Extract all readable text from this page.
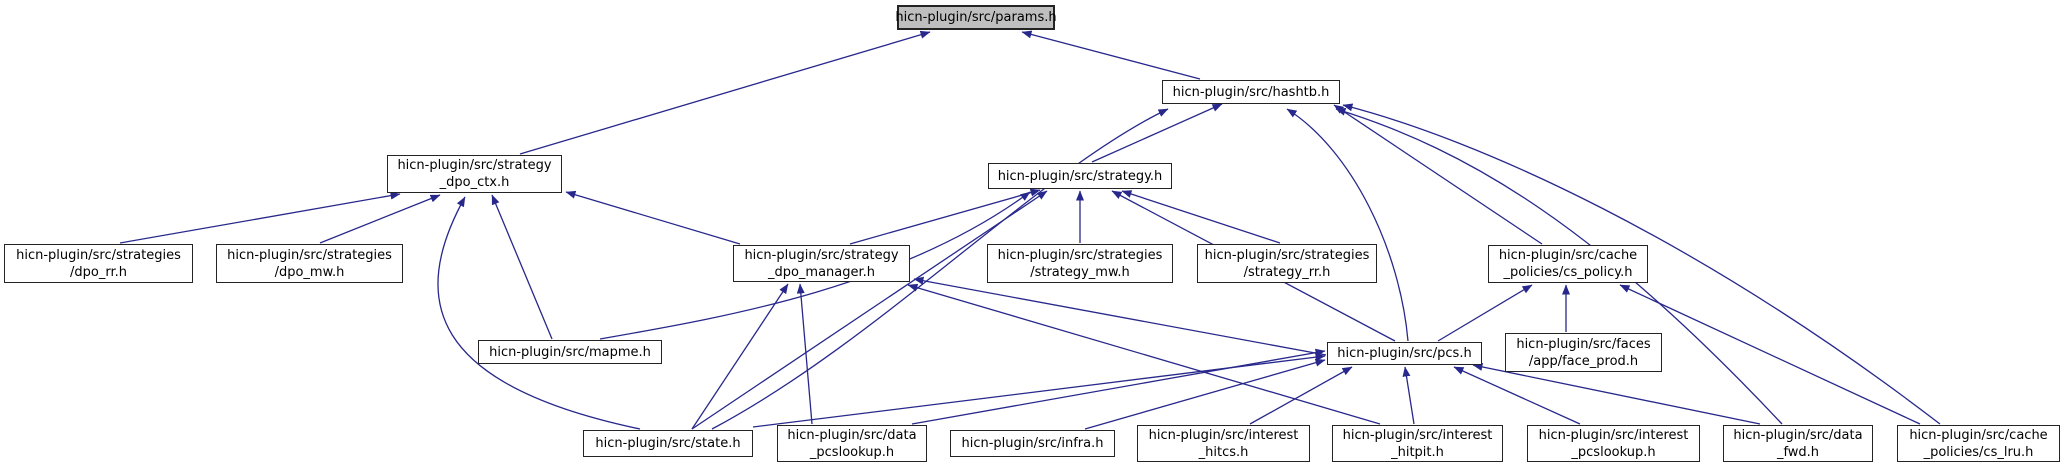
hicn-plugin/src/params.h
hicn-plugin/src/hashtb.h
hicn-plugin/src/strategy
_dpo_ctx.h	hicn-plugin/src/strategy.h
hicn-plugin/src/strategies
/dpo_rr.h
hicn-plugin/src/strategies
/dpo_mw.h
hicn-plugin/src/strategy
_dpo_manager.h
hicn-plugin/src/strategies
/strategy_mw.h
hicn-plugin/src/strategies
/strategy_rr.h
hicn-plugin/src/cache
_policies/cs_policy.h
hicn-plugin/src/mapme.h	hicn-plugin/src/pcs.h
hicn-plugin/src/faces
/app/face_prod.h
hicn-plugin/src/state.h
hicn-plugin/src/data
_pcslookup.h
hicn-plugin/src/infra.h
hicn-plugin/src/interest
_hitcs.h
hicn-plugin/src/interest
_hitpit.h
hicn-plugin/src/interest
_pcslookup.h
hicn-plugin/src/data
_fwd.h
hicn-plugin/src/cache
_policies/cs_lru.h
